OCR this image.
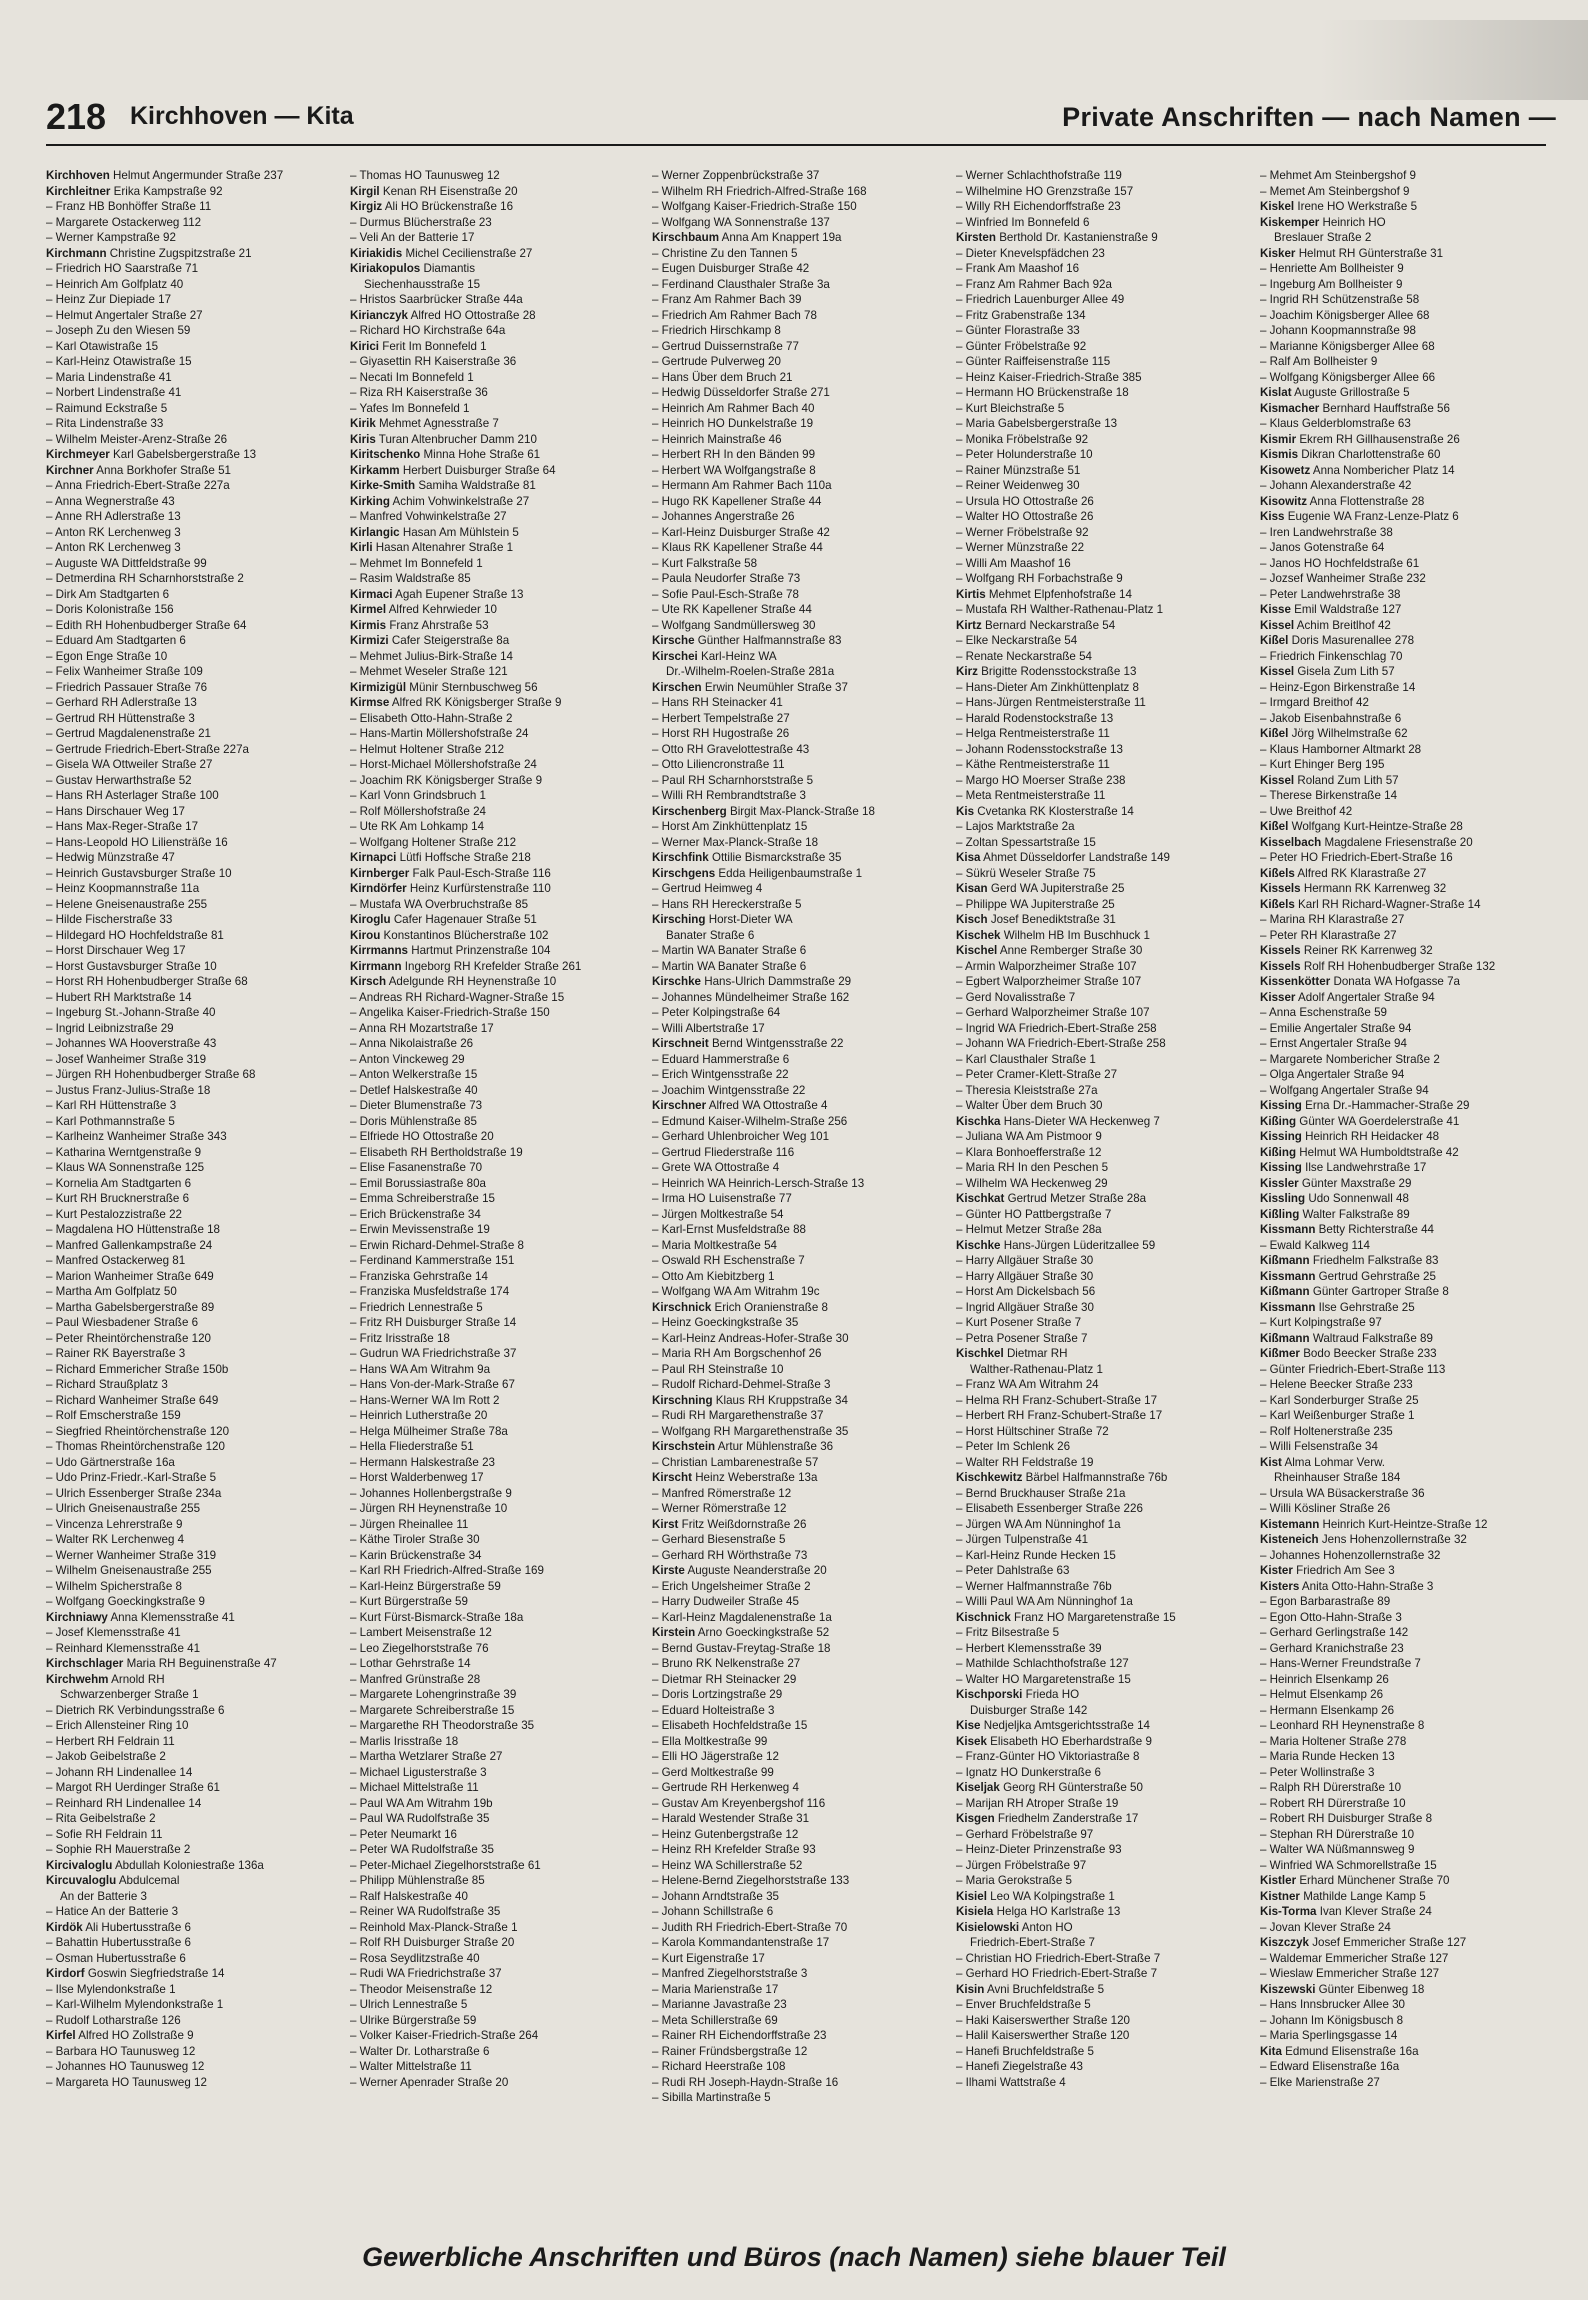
218 Kirchhoven — Kita	Private Anschriften — nach Namen —
Kirchhoven Helmut Angermunder Straße 237
Kirchleitner Erika Kampstraße 92
– Franz HB Bonhöffer Straße 11
– Margarete Ostackerweg 112
– Werner Kampstraße 92
Kirchmann Christine Zugspitzstraße 21
– Friedrich HO Saarstraße 71
– Heinrich Am Golfplatz 40
– Heinz Zur Diepiade 17
– Helmut Angertaler Straße 27
– Joseph Zu den Wiesen 59
– Karl Otawistraße 15
– Karl-Heinz Otawistraße 15
– Maria Lindenstraße 41
– Norbert Lindenstraße 41
– Raimund Eckstraße 5
– Rita Lindenstraße 33
– Wilhelm Meister-Arenz-Straße 26
Kirchmeyer Karl Gabelsbergerstraße 13
Kirchner Anna Borkhofer Straße 51
– Anna Friedrich-Ebert-Straße 227a
– Anna Wegnerstraße 43
– Anne RH Adlerstraße 13
– Anton RK Lerchenweg 3
– Anton RK Lerchenweg 3
– Auguste WA Dittfeldstraße 99
– Detmerdina RH Scharnhorststraße 2
– Dirk Am Stadtgarten 6
– Doris Kolonistraße 156
– Edith RH Hohenbudberger Straße 64
– Eduard Am Stadtgarten 6
– Egon Enge Straße 10
– Felix Wanheimer Straße 109
– Friedrich Passauer Straße 76
– Gerhard RH Adlerstraße 13
– Gertrud RH Hüttenstraße 3
– Gertrud Magdalenenstraße 21
– Gertrude Friedrich-Ebert-Straße 227a
– Gisela WA Ottweiler Straße 27
– Gustav Herwarthstraße 52
– Hans RH Asterlager Straße 100
– Hans Dirschauer Weg 17
– Hans Max-Reger-Straße 17
– Hans-Leopold HO Liliensträße 16
– Hedwig Münzstraße 47
– Heinrich Gustavsburger Straße 10
– Heinz Koopmannstraße 11a
– Helene Gneisenaustraße 255
– Hilde Fischerstraße 33
– Hildegard HO Hochfeldstraße 81
– Horst Dirschauer Weg 17
– Horst Gustavsburger Straße 10
– Horst RH Hohenbudberger Straße 68
– Hubert RH Marktstraße 14
– Ingeburg St.-Johann-Straße 40
– Ingrid Leibnizstraße 29
– Johannes WA Hooverstraße 43
– Josef Wanheimer Straße 319
– Jürgen RH Hohenbudberger Straße 68
– Justus Franz-Julius-Straße 18
– Karl RH Hüttenstraße 3
– Karl Pothmannstraße 5
– Karlheinz Wanheimer Straße 343
– Katharina Werntgenstraße 9
– Klaus WA Sonnenstraße 125
– Kornelia Am Stadtgarten 6
– Kurt RH Brucknerstraße 6
– Kurt Pestalozzistraße 22
– Magdalena HO Hüttenstraße 18
– Manfred Gallenkampstraße 24
– Manfred Ostackerweg 81
– Marion Wanheimer Straße 649
– Martha Am Golfplatz 50
– Martha Gabelsbergerstraße 89
– Paul Wiesbadener Straße 6
– Peter Rheintörchenstraße 120
– Rainer RK Bayerstraße 3
– Richard Emmericher Straße 150b
– Richard Straußplatz 3
– Richard Wanheimer Straße 649
– Rolf Emscherstraße 159
– Siegfried Rheintörchenstraße 120
– Thomas Rheintörchenstraße 120
– Udo Gärtnerstraße 16a
– Udo Prinz-Friedr.-Karl-Straße 5
– Ulrich Essenberger Straße 234a
– Ulrich Gneisenaustraße 255
– Vincenza Lehrerstraße 9
– Walter RK Lerchenweg 4
– Werner Wanheimer Straße 319
– Wilhelm Gneisenaustraße 255
– Wilhelm Spicherstraße 8
– Wolfgang Goeckingkstraße 9
Kirchniawy Anna Klemensstraße 41
– Josef Klemensstraße 41
– Reinhard Klemensstraße 41
Kirchschlager Maria RH Beguinenstraße 47
Kirchwehm Arnold RH
Schwarzenberger Straße 1
– Dietrich RK Verbindungsstraße 6
– Erich Allensteiner Ring 10
– Herbert RH Feldrain 11
– Jakob Geibelstraße 2
– Johann RH Lindenallee 14
– Margot RH Uerdinger Straße 61
– Reinhard RH Lindenallee 14
– Rita Geibelstraße 2
– Sofie RH Feldrain 11
– Sophie RH Mauerstraße 2
Kircivaloglu Abdullah Koloniestraße 136a
Kircuvaloglu Abdulcemal
An der Batterie 3
– Hatice An der Batterie 3
Kirdök Ali Hubertusstraße 6
– Bahattin Hubertusstraße 6
– Osman Hubertusstraße 6
Kirdorf Goswin Siegfriedstraße 14
– Ilse Mylendonkstraße 1
– Karl-Wilhelm Mylendonkstraße 1
– Rudolf Lotharstraße 126
Kirfel Alfred HO Zollstraße 9
– Barbara HO Taunusweg 12
– Johannes HO Taunusweg 12
– Margareta HO Taunusweg 12
– Thomas HO Taunusweg 12
Kirgil Kenan RH Eisenstraße 20
Kirgiz Ali HO Brückenstraße 16
– Durmus Blücherstraße 23
– Veli An der Batterie 17
Kiriakidis Michel Cecilienstraße 27
Kiriakopulos Diamantis
Siechenhausstraße 15
– Hristos Saarbrücker Straße 44a
Kirianczyk Alfred HO Ottostraße 28
– Richard HO Kirchstraße 64a
Kirici Ferit Im Bonnefeld 1
– Giyasettin RH Kaiserstraße 36
– Necati Im Bonnefeld 1
– Riza RH Kaiserstraße 36
– Yafes Im Bonnefeld 1
Kirik Mehmet Agnesstraße 7
Kiris Turan Altenbrucher Damm 210
Kiritschenko Minna Hohe Straße 61
Kirkamm Herbert Duisburger Straße 64
Kirke-Smith Samiha Waldstraße 81
Kirking Achim Vohwinkelstraße 27
– Manfred Vohwinkelstraße 27
Kirlangic Hasan Am Mühlstein 5
Kirli Hasan Altenahrer Straße 1
– Mehmet Im Bonnefeld 1
– Rasim Waldstraße 85
Kirmaci Agah Eupener Straße 13
Kirmel Alfred Kehrwieder 10
Kirmis Franz Ahrstraße 53
Kirmizi Cafer Steigerstraße 8a
– Mehmet Julius-Birk-Straße 14
– Mehmet Weseler Straße 121
Kirmizigül Münir Sternbuschweg 56
Kirmse Alfred RK Königsberger Straße 9
– Elisabeth Otto-Hahn-Straße 2
– Hans-Martin Möllershofstraße 24
– Helmut Holtener Straße 212
– Horst-Michael Möllershofstraße 24
– Joachim RK Königsberger Straße 9
– Karl Vonn Grindsbruch 1
– Rolf Möllershofstraße 24
– Ute RK Am Lohkamp 14
– Wolfgang Holtener Straße 212
Kirnapci Lütfi Hoffsche Straße 218
Kirnberger Falk Paul-Esch-Straße 116
Kirndörfer Heinz Kurfürstenstraße 110
– Mustafa WA Overbruchstraße 85
Kiroglu Cafer Hagenauer Straße 51
Kirou Konstantinos Blücherstraße 102
Kirrmanns Hartmut Prinzenstraße 104
Kirrmann Ingeborg RH Krefelder Straße 261
Kirsch Adelgunde RH Heynenstraße 10
– Andreas RH Richard-Wagner-Straße 15
– Angelika Kaiser-Friedrich-Straße 150
– Anna RH Mozartstraße 17
– Anna Nikolaistraße 26
– Anton Vinckeweg 29
– Anton Welkerstraße 15
– Detlef Halskestraße 40
– Dieter Blumenstraße 73
– Doris Mühlenstraße 85
– Elfriede HO Ottostraße 20
– Elisabeth RH Bertholdstraße 19
– Elise Fasanenstraße 70
– Emil Borussiastraße 80a
– Emma Schreiberstraße 15
– Erich Brückenstraße 34
– Erwin Mevissenstraße 19
– Erwin Richard-Dehmel-Straße 8
– Ferdinand Kammerstraße 151
– Franziska Gehrstraße 14
– Franziska Musfeldstraße 174
– Friedrich Lennestraße 5
– Fritz RH Duisburger Straße 14
– Fritz Irisstraße 18
– Gudrun WA Friedrichstraße 37
– Hans WA Am Witrahm 9a
– Hans Von-der-Mark-Straße 67
– Hans-Werner WA Im Rott 2
– Heinrich Lutherstraße 20
– Helga Mülheimer Straße 78a
– Hella Fliederstraße 51
– Hermann Halskestraße 23
– Horst Walderbenweg 17
– Johannes Hollenbergstraße 9
– Jürgen RH Heynenstraße 10
– Jürgen Rheinallee 11
– Käthe Tiroler Straße 30
– Karin Brückenstraße 34
– Karl RH Friedrich-Alfred-Straße 169
– Karl-Heinz Bürgerstraße 59
– Kurt Bürgerstraße 59
– Kurt Fürst-Bismarck-Straße 18a
– Lambert Meisenstraße 12
– Leo Ziegelhorststraße 76
– Lothar Gehrstraße 14
– Manfred Grünstraße 28
– Margarete Lohengrinstraße 39
– Margarete Schreiberstraße 15
– Margarethe RH Theodorstraße 35
– Marlis Irisstraße 18
– Martha Wetzlarer Straße 27
– Michael Ligusterstraße 3
– Michael Mittelstraße 11
– Paul WA Am Witrahm 19b
– Paul WA Rudolfstraße 35
– Peter Neumarkt 16
– Peter WA Rudolfstraße 35
– Peter-Michael Ziegelhorststraße 61
– Philipp Mühlenstraße 85
– Ralf Halskestraße 40
– Reiner WA Rudolfstraße 35
– Reinhold Max-Planck-Straße 1
– Rolf RH Duisburger Straße 20
– Rosa Seydlitzstraße 40
– Rudi WA Friedrichstraße 37
– Theodor Meisenstraße 12
– Ulrich Lennestraße 5
– Ulrike Bürgerstraße 59
– Volker Kaiser-Friedrich-Straße 264
– Walter Dr. Lotharstraße 6
– Walter Mittelstraße 11
– Werner Apenrader Straße 20
– Werner Zoppenbrückstraße 37
– Wilhelm RH Friedrich-Alfred-Straße 168
– Wolfgang Kaiser-Friedrich-Straße 150
– Wolfgang WA Sonnenstraße 137
Kirschbaum Anna Am Knappert 19a
– Christine Zu den Tannen 5
– Eugen Duisburger Straße 42
– Ferdinand Clausthaler Straße 3a
– Franz Am Rahmer Bach 39
– Friedrich Am Rahmer Bach 78
– Friedrich Hirschkamp 8
– Gertrud Duissernstraße 77
– Gertrude Pulverweg 20
– Hans Über dem Bruch 21
– Hedwig Düsseldorfer Straße 271
– Heinrich Am Rahmer Bach 40
– Heinrich HO Dunkelstraße 19
– Heinrich Mainstraße 46
– Herbert RH In den Bänden 99
– Herbert WA Wolfgangstraße 8
– Hermann Am Rahmer Bach 110a
– Hugo RK Kapellener Straße 44
– Johannes Angerstraße 26
– Karl-Heinz Duisburger Straße 42
– Klaus RK Kapellener Straße 44
– Kurt Falkstraße 58
– Paula Neudorfer Straße 73
– Sofie Paul-Esch-Straße 78
– Ute RK Kapellener Straße 44
– Wolfgang Sandmüllersweg 30
Kirsche Günther Halfmannstraße 83
Kirschei Karl-Heinz WA
Dr.-Wilhelm-Roelen-Straße 281a
Kirschen Erwin Neumühler Straße 37
– Hans RH Steinacker 41
– Herbert Tempelstraße 27
– Horst RH Hugostraße 26
– Otto RH Gravelottestraße 43
– Otto Liliencronstraße 11
– Paul RH Scharnhorststraße 5
– Willi RH Rembrandtstraße 3
Kirschenberg Birgit Max-Planck-Straße 18
– Horst Am Zinkhüttenplatz 15
– Werner Max-Planck-Straße 18
Kirschfink Ottilie Bismarckstraße 35
Kirschgens Edda Heiligenbaumstraße 1
– Gertrud Heimweg 4
– Hans RH Hereckerstraße 5
Kirsching Horst-Dieter WA
Banater Straße 6
– Martin WA Banater Straße 6
– Martin WA Banater Straße 6
Kirschke Hans-Ulrich Dammstraße 29
– Johannes Mündelheimer Straße 162
– Peter Kolpingstraße 64
– Willi Albertstraße 17
Kirschneit Bernd Wintgensstraße 22
– Eduard Hammerstraße 6
– Erich Wintgensstraße 22
– Joachim Wintgensstraße 22
Kirschner Alfred WA Ottostraße 4
– Edmund Kaiser-Wilhelm-Straße 256
– Gerhard Uhlenbroicher Weg 101
– Gertrud Fliederstraße 116
– Grete WA Ottostraße 4
– Heinrich WA Heinrich-Lersch-Straße 13
– Irma HO Luisenstraße 77
– Jürgen Moltkestraße 54
– Karl-Ernst Musfeldstraße 88
– Maria Moltkestraße 54
– Oswald RH Eschenstraße 7
– Otto Am Kiebitzberg 1
– Wolfgang WA Am Witrahm 19c
Kirschnick Erich Oranienstraße 8
– Heinz Goeckingkstraße 35
– Karl-Heinz Andreas-Hofer-Straße 30
– Maria RH Am Borgschenhof 26
– Paul RH Steinstraße 10
– Rudolf Richard-Dehmel-Straße 3
Kirschning Klaus RH Kruppstraße 34
– Rudi RH Margarethenstraße 37
– Wolfgang RH Margarethenstraße 35
Kirschstein Artur Mühlenstraße 36
– Christian Lambarenestraße 57
Kirscht Heinz Weberstraße 13a
– Manfred Römerstraße 12
– Werner Römerstraße 12
Kirst Fritz Weißdornstraße 26
– Gerhard Biesenstraße 5
– Gerhard RH Wörthstraße 73
Kirste Auguste Neanderstraße 20
– Erich Ungelsheimer Straße 2
– Harry Dudweiler Straße 45
– Karl-Heinz Magdalenenstraße 1a
Kirstein Arno Goeckingkstraße 52
– Bernd Gustav-Freytag-Straße 18
– Bruno RK Nelkenstraße 27
– Dietmar RH Steinacker 29
– Doris Lortzingstraße 29
– Eduard Holteistraße 3
– Elisabeth Hochfeldstraße 15
– Ella Moltkestraße 99
– Elli HO Jägerstraße 12
– Gerd Moltkestraße 99
– Gertrude RH Herkenweg 4
– Gustav Am Kreyenbergshof 116
– Harald Westender Straße 31
– Heinz Gutenbergstraße 12
– Heinz RH Krefelder Straße 93
– Heinz WA Schillerstraße 52
– Helene-Bernd Ziegelhorststraße 133
– Johann Arndtstraße 35
– Johann Schillstraße 6
– Judith RH Friedrich-Ebert-Straße 70
– Karola Kommandantenstraße 17
– Kurt Eigenstraße 17
– Manfred Ziegelhorststraße 3
– Maria Marienstraße 17
– Marianne Javastraße 23
– Meta Schillerstraße 69
– Rainer RH Eichendorffstraße 23
– Rainer Fründsbergstraße 12
– Richard Heerstraße 108
– Rudi RH Joseph-Haydn-Straße 16
– Sibilla Martinstraße 5
– Werner Schlachthofstraße 119
– Wilhelmine HO Grenzstraße 157
– Willy RH Eichendorffstraße 23
– Winfried Im Bonnefeld 6
Kirsten Berthold Dr. Kastanienstraße 9
– Dieter Knevelspfädchen 23
– Frank Am Maashof 16
– Franz Am Rahmer Bach 92a
– Friedrich Lauenburger Allee 49
– Fritz Grabenstraße 134
– Günter Florastraße 33
– Günter Fröbelstraße 92
– Günter Raiffeisenstraße 115
– Heinz Kaiser-Friedrich-Straße 385
– Hermann HO Brückenstraße 18
– Kurt Bleichstraße 5
– Maria Gabelsbergerstraße 13
– Monika Fröbelstraße 92
– Peter Holunderstraße 10
– Rainer Münzstraße 51
– Reiner Weidenweg 30
– Ursula HO Ottostraße 26
– Walter HO Ottostraße 26
– Werner Fröbelstraße 92
– Werner Münzstraße 22
– Willi Am Maashof 16
– Wolfgang RH Forbachstraße 9
Kirtis Mehmet Elpfenhofstraße 14
– Mustafa RH Walther-Rathenau-Platz 1
Kirtz Bernard Neckarstraße 54
– Elke Neckarstraße 54
– Renate Neckarstraße 54
Kirz Brigitte Rodensstockstraße 13
– Hans-Dieter Am Zinkhüttenplatz 8
– Hans-Jürgen Rentmeisterstraße 11
– Harald Rodenstockstraße 13
– Helga Rentmeisterstraße 11
– Johann Rodensstockstraße 13
– Käthe Rentmeisterstraße 11
– Margo HO Moerser Straße 238
– Meta Rentmeisterstraße 11
Kis Cvetanka RK Klosterstraße 14
– Lajos Marktstraße 2a
– Zoltan Spessartstraße 15
Kisa Ahmet Düsseldorfer Landstraße 149
– Sükrü Weseler Straße 75
Kisan Gerd WA Jupiterstraße 25
– Philippe WA Jupiterstraße 25
Kisch Josef Benediktstraße 31
Kischek Wilhelm HB Im Buschhuck 1
Kischel Anne Remberger Straße 30
– Armin Walporzheimer Straße 107
– Egbert Walporzheimer Straße 107
– Gerd Novalisstraße 7
– Gerhard Walporzheimer Straße 107
– Ingrid WA Friedrich-Ebert-Straße 258
– Johann WA Friedrich-Ebert-Straße 258
– Karl Clausthaler Straße 1
– Peter Cramer-Klett-Straße 27
– Theresia Kleiststraße 27a
– Walter Über dem Bruch 30
Kischka Hans-Dieter WA Heckenweg 7
– Juliana WA Am Pistmoor 9
– Klara Bonhoefferstraße 12
– Maria RH In den Peschen 5
– Wilhelm WA Heckenweg 29
Kischkat Gertrud Metzer Straße 28a
– Günter HO Pattbergstraße 7
– Helmut Metzer Straße 28a
Kischke Hans-Jürgen Lüderitzallee 59
– Harry Allgäuer Straße 30
– Harry Allgäuer Straße 30
– Horst Am Dickelsbach 56
– Ingrid Allgäuer Straße 30
– Kurt Posener Straße 7
– Petra Posener Straße 7
Kischkel Dietmar RH
Walther-Rathenau-Platz 1
– Franz WA Am Witrahm 24
– Helma RH Franz-Schubert-Straße 17
– Herbert RH Franz-Schubert-Straße 17
– Horst Hültschiner Straße 72
– Peter Im Schlenk 26
– Walter RH Feldstraße 19
Kischkewitz Bärbel Halfmannstraße 76b
– Bernd Bruckhauser Straße 21a
– Elisabeth Essenberger Straße 226
– Jürgen WA Am Nünninghof 1a
– Jürgen Tulpenstraße 41
– Karl-Heinz Runde Hecken 15
– Peter Dahlstraße 63
– Werner Halfmannstraße 76b
– Willi Paul WA Am Nünninghof 1a
Kischnick Franz HO Margaretenstraße 15
– Fritz Bilsestraße 5
– Herbert Klemensstraße 39
– Mathilde Schlachthofstraße 127
– Walter HO Margaretenstraße 15
Kischporski Frieda HO
Duisburger Straße 142
Kise Nedjeljka Amtsgerichtsstraße 14
Kisek Elisabeth HO Eberhardstraße 9
– Franz-Günter HO Viktoriastraße 8
– Ignatz HO Dunkerstraße 6
Kiseljak Georg RH Günterstraße 50
– Marijan RH Atroper Straße 19
Kisgen Friedhelm Zanderstraße 17
– Gerhard Fröbelstraße 97
– Heinz-Dieter Prinzenstraße 93
– Jürgen Fröbelstraße 97
– Maria Gerokstraße 5
Kisiel Leo WA Kolpingstraße 1
Kisiela Helga HO Karlstraße 13
Kisielowski Anton HO
Friedrich-Ebert-Straße 7
– Christian HO Friedrich-Ebert-Straße 7
– Gerhard HO Friedrich-Ebert-Straße 7
Kisin Avni Bruchfeldstraße 5
– Enver Bruchfeldstraße 5
– Haki Kaiserswerther Straße 120
– Halil Kaiserswerther Straße 120
– Hanefi Bruchfeldstraße 5
– Hanefi Ziegelstraße 43
– Ilhami Wattstraße 4
– Mehmet Am Steinbergshof 9
– Memet Am Steinbergshof 9
Kiskel Irene HO Werkstraße 5
Kiskemper Heinrich HO
Breslauer Straße 2
Kisker Helmut RH Günterstraße 31
– Henriette Am Bollheister 9
– Ingeburg Am Bollheister 9
– Ingrid RH Schützenstraße 58
– Joachim Königsberger Allee 68
– Johann Koopmannstraße 98
– Marianne Königsberger Allee 68
– Ralf Am Bollheister 9
– Wolfgang Königsberger Allee 66
Kislat Auguste Grillostraße 5
Kismacher Bernhard Hauffstraße 56
– Klaus Gelderblomstraße 63
Kismir Ekrem RH Gillhausenstraße 26
Kismis Dikran Charlottenstraße 60
Kisowetz Anna Nombericher Platz 14
– Johann Alexanderstraße 42
Kisowitz Anna Flottenstraße 28
Kiss Eugenie WA Franz-Lenze-Platz 6
– Iren Landwehrstraße 38
– Janos Gotenstraße 64
– Janos HO Hochfeldstraße 61
– Jozsef Wanheimer Straße 232
– Peter Landwehrstraße 38
Kisse Emil Waldstraße 127
Kissel Achim Breitlhof 42
Kißel Doris Masurenallee 278
– Friedrich Finkenschlag 70
Kissel Gisela Zum Lith 57
– Heinz-Egon Birkenstraße 14
– Irmgard Breithof 42
– Jakob Eisenbahnstraße 6
Kißel Jörg Wilhelmstraße 62
– Klaus Hamborner Altmarkt 28
– Kurt Ehinger Berg 195
Kissel Roland Zum Lith 57
– Therese Birkenstraße 14
– Uwe Breithof 42
Kißel Wolfgang Kurt-Heintze-Straße 28
Kisselbach Magdalene Friesenstraße 20
– Peter HO Friedrich-Ebert-Straße 16
Kißels Alfred RK Klarastraße 27
Kissels Hermann RK Karrenweg 32
Kißels Karl RH Richard-Wagner-Straße 14
– Marina RH Klarastraße 27
– Peter RH Klarastraße 27
Kissels Reiner RK Karrenweg 32
Kissels Rolf RH Hohenbudberger Straße 132
Kissenkötter Donata WA Hofgasse 7a
Kisser Adolf Angertaler Straße 94
– Anna Eschenstraße 59
– Emilie Angertaler Straße 94
– Ernst Angertaler Straße 94
– Margarete Nombericher Straße 2
– Olga Angertaler Straße 94
– Wolfgang Angertaler Straße 94
Kissing Erna Dr.-Hammacher-Straße 29
Kißing Günter WA Goerdelerstraße 41
Kissing Heinrich RH Heidacker 48
Kißing Helmut WA Humboldtstraße 42
Kissing Ilse Landwehrstraße 17
Kissler Günter Maxstraße 29
Kissling Udo Sonnenwall 48
Kißling Walter Falkstraße 89
Kissmann Betty Richterstraße 44
– Ewald Kalkweg 114
Kißmann Friedhelm Falkstraße 83
Kissmann Gertrud Gehrstraße 25
Kißmann Günter Gartroper Straße 8
Kissmann Ilse Gehrstraße 25
– Kurt Kolpingstraße 97
Kißmann Waltraud Falkstraße 89
Kißmer Bodo Beecker Straße 233
– Günter Friedrich-Ebert-Straße 113
– Helene Beecker Straße 233
– Karl Sonderburger Straße 25
– Karl Weißenburger Straße 1
– Rolf Holtenerstraße 235
– Willi Felsenstraße 34
Kist Alma Lohmar Verw.
Rheinhauser Straße 184
– Ursula WA Büsackerstraße 36
– Willi Kösliner Straße 26
Kistemann Heinrich Kurt-Heintze-Straße 12
Kisteneich Jens Hohenzollernstraße 32
– Johannes Hohenzollernstraße 32
Kister Friedrich Am See 3
Kisters Anita Otto-Hahn-Straße 3
– Egon Barbarastraße 89
– Egon Otto-Hahn-Straße 3
– Gerhard Gerlingstraße 142
– Gerhard Kranichstraße 23
– Hans-Werner Freundstraße 7
– Heinrich Elsenkamp 26
– Helmut Elsenkamp 26
– Hermann Elsenkamp 26
– Leonhard RH Heynenstraße 8
– Maria Holtener Straße 278
– Maria Runde Hecken 13
– Peter Wollinstraße 3
– Ralph RH Dürerstraße 10
– Robert RH Dürerstraße 10
– Robert RH Duisburger Straße 8
– Stephan RH Dürerstraße 10
– Walter WA Nüßmannsweg 9
– Winfried WA Schmorellstraße 15
Kistler Erhard Münchener Straße 70
Kistner Mathilde Lange Kamp 5
Kis-Torma Ivan Klever Straße 24
– Jovan Klever Straße 24
Kiszczyk Josef Emmericher Straße 127
– Waldemar Emmericher Straße 127
– Wieslaw Emmericher Straße 127
Kiszewski Günter Eibenweg 18
– Hans Innsbrucker Allee 30
– Johann Im Königsbusch 8
– Maria Sperlingsgasse 14
Kita Edmund Elisenstraße 16a
– Edward Elisenstraße 16a
– Elke Marienstraße 27
Gewerbliche Anschriften und Büros (nach Namen) siehe blauer Teil
